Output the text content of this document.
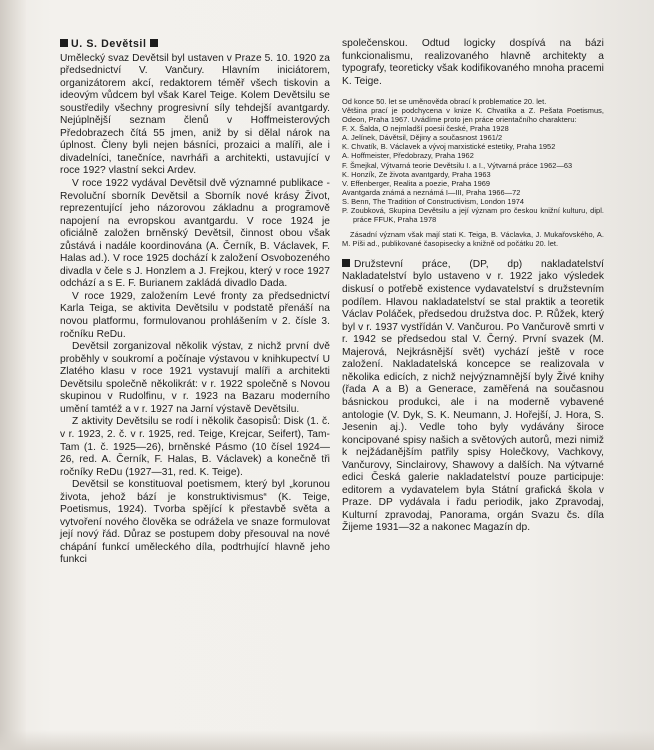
U. S. Devětsil

Umělecký svaz Devětsil byl ustaven v Praze 5. 10. 1920 za předsednictví V. Vančury. Hlavním iniciátorem, organizátorem akcí, redaktorem téměř všech tiskovin a ideovým vůdcem byl však Karel Teige. Kolem Devětsilu se soustředily všechny progresivní síly tehdejší avantgardy. Nejúplnější seznam členů v Hoffmeisterových Předobrazech čítá 55 jmen, aniž by si dělal nárok na úplnost. Členy byli nejen básníci, prozaici a malíři, ale i divadelníci, tanečníce, navrháři a architekti, ustavující v roce 192? vlastní sekci Ardev.

V roce 1922 vydával Devětsil dvě významné publikace - Revoluční sborník Devětsil a Sborník nové krásy Život, reprezentující jeho názorovou základnu a programově napojení na evropskou avantgardu. V roce 1924 je oficiálně založen brněnský Devětsil, činnost obou však zůstává i nadále koordinována (A. Černík, B. Václavek, F. Halas ad.). V roce 1925 dochází k založení Osvobozeného divadla v čele s J. Honzlem a J. Frejkou, který v roce 1927 odchází a s E. F. Burianem zakládá divadlo Dada.

V roce 1929, založením Levé fronty za předsednictví Karla Teiga, se aktivita Devětsilu v podstatě přenáší na novou platformu, formulovanou prohlášením v 2. čísle 3. ročníku ReDu.

Devětsil zorganizoval několik výstav, z nichž první dvě proběhly v soukromí a počínaje výstavou v knihkupectví U Zlatého klasu v roce 1921 vystavují malíři a architekti Devětsilu společně několikrát: v r. 1922 společně s Novou skupinou v Rudolfinu, v r. 1923 na Bazaru moderního umění tamtéž a v r. 1927 na Jarní výstavě Devětsilu.

Z aktivity Devětsilu se rodí i několik časopisů: Disk (1. č. v r. 1923, 2. č. v r. 1925, red. Teige, Krejcar, Seifert), Tam-Tam (1. č. 1925—26), brněnské Pásmo (10 čísel 1924—26, red. A. Černík, F. Halas, B. Václavek) a konečně tři ročníky ReDu (1927—31, red. K. Teige).

Devětsil se konstituoval poetismem, který byl „korunou života, jehož bází je konstruktivismus“ (K. Teige, Poetismus, 1924). Tvorba spějící k přestavbě světa a vytvoření nového člověka se odrážela ve snaze formulovat její nový řád. Důraz se postupem doby přesouval na nové chápání funkcí uměleckého díla, podtrhující hlavně jeho funkci

společenskou. Odtud logicky dospívá na bázi funkcionalismu, realizovaného hlavně architekty a typografy, teoreticky však kodifikovaného mnoha pracemi K. Teige.

Od konce 50. let se uměnověda obrací k problematice 20. let.

Většina prací je podchycena v knize K. Chvatíka a Z. Pešata Poetismus, Odeon, Praha 1967. Uvádíme proto jen práce orientačního charakteru:

F. X. Šalda, O nejmladší poesii české, Praha 1928

A. Jelínek, Dávětsil, Dějiny a současnost 1961/2

K. Chvatík, B. Václavek a vývoj marxistické estetiky, Praha 1952

A. Hoffmeister, Předobrazy, Praha 1962

F. Šmejkal, Výtvarná teorie Devětsilu I. a I., Výtvarná práce 1962—63

K. Honzík, Ze života avantgardy, Praha 1963

V. Effenberger, Realita a poezie, Praha 1969

Avantgarda známá a neznámá I—III, Praha 1966—72

S. Benn, The Tradition of Constructivism, London 1974

P. Zoubková, Skupina Devětsilu a její význam pro českou knižní kulturu, dipl. práce FFUK, Praha 1978

Zásadní význam však mají stati K. Teiga, B. Václavka, J. Mukařovského, A. M. Píši ad., publikované časopisecky a knižně od počátku 20. let.

Družstevní práce, (DP, dp) nakladatelství Nakladatelství bylo ustaveno v r. 1922 jako výsledek diskusí o potřebě existence vydavatelství s družstevním podílem. Hlavou nakladatelství se stal praktik a teoretik Václav Poláček, předsedou družstva doc. P. Růžek, který byl v r. 1937 vystřídán V. Vančurou. Po Vančurově smrti v r. 1942 se předsedou stal V. Černý. První svazek (M. Majerová, Nejkrásnější svět) vychází ještě v roce založení. Nakladatelská koncepce se realizovala v několika edicích, z nichž nejvýznamnější byly Živé knihy (řada A a B) a Generace, zaměřená na současnou básnickou produkci, ale i na moderně vybavené antologie (V. Dyk, S. K. Neumann, J. Hořejší, J. Hora, S. Jesenin aj.). Vedle toho byly vydávány široce koncipované spisy našich a světových autorů, mezi nimiž k nejžádanějším patřily spisy Holečkovy, Vachkovy, Vančurovy, Sinclairovy, Shawovy a dalších. Na výtvarné edici Česká galerie nakladatelství pouze participuje: editorem a vydavatelem byla Státní grafická škola v Praze. DP vydávala i řadu periodik, jako Zpravodaj, Kulturní zpravodaj, Panorama, orgán Svazu čs. díla Žijeme 1931—32 a nakonec Magazín dp.
